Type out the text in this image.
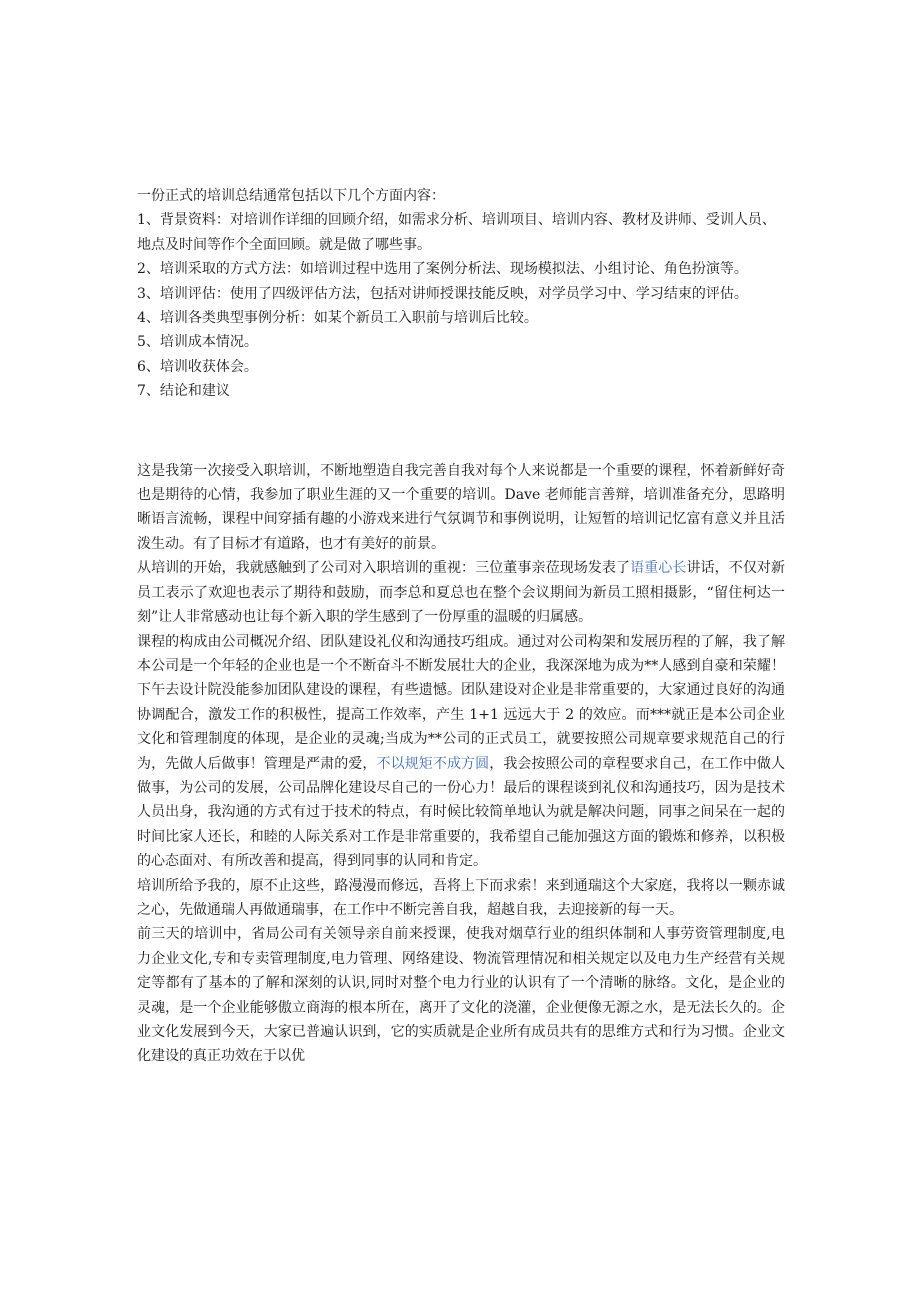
一份正式的培训总结通常包括以下几个方面内容：

1、背景资料：对培训作详细的回顾介绍，如需求分析、培训项目、培训内容、教材及讲师、受训人员、地点及时间等作个全面回顾。就是做了哪些事。

2、培训采取的方式方法：如培训过程中选用了案例分析法、现场模拟法、小组讨论、角色扮演等。

3、培训评估：使用了四级评估方法，包括对讲师授课技能反映，对学员学习中、学习结束的评估。

4、培训各类典型事例分析：如某个新员工入职前与培训后比较。

5、培训成本情况。

6、培训收获体会。

7、结论和建议

这是我第一次接受入职培训，不断地塑造自我完善自我对每个人来说都是一个重要的课程，怀着新鲜好奇也是期待的心情，我参加了职业生涯的又一个重要的培训。Dave 老师能言善辩，培训准备充分，思路明晰语言流畅，课程中间穿插有趣的小游戏来进行气氛调节和事例说明，让短暂的培训记忆富有意义并且活泼生动。有了目标才有道路，也才有美好的前景。

从培训的开始，我就感触到了公司对入职培训的重视：三位董事亲莅现场发表了语重心长讲话，不仅对新员工表示了欢迎也表示了期待和鼓励，而李总和夏总也在整个会议期间为新员工照相摄影，“留住柯达一刻”让人非常感动也让每个新入职的学生感到了一份厚重的温暖的归属感。

课程的构成由公司概况介绍、团队建设礼仪和沟通技巧组成。通过对公司构架和发展历程的了解，我了解本公司是一个年轻的企业也是一个不断奋斗不断发展壮大的企业，我深深地为成为**人感到自豪和荣耀！下午去设计院没能参加团队建设的课程，有些遗憾。团队建设对企业是非常重要的，大家通过良好的沟通协调配合，激发工作的积极性，提高工作效率，产生 1+1 远远大于 2 的效应。而***就正是本公司企业文化和管理制度的体现，是企业的灵魂;当成为**公司的正式员工，就要按照公司规章要求规范自己的行为，先做人后做事！管理是严肃的爱，不以规矩不成方圆，我会按照公司的章程要求自己，在工作中做人做事，为公司的发展，公司品牌化建设尽自己的一份心力！最后的课程谈到礼仪和沟通技巧，因为是技术人员出身，我沟通的方式有过于技术的特点，有时候比较简单地认为就是解决问题，同事之间呆在一起的时间比家人还长，和睦的人际关系对工作是非常重要的，我希望自己能加强这方面的锻炼和修养，以积极的心态面对、有所改善和提高，得到同事的认同和肯定。

培训所给予我的，原不止这些，路漫漫而修远，吾将上下而求索！来到通瑞这个大家庭，我将以一颗赤诚之心，先做通瑞人再做通瑞事，在工作中不断完善自我，超越自我，去迎接新的每一天。

前三天的培训中，省局公司有关领导亲自前来授课，使我对烟草行业的组织体制和人事劳资管理制度,电力企业文化,专和专卖管理制度,电力管理、网络建设、物流管理情况和相关规定以及电力生产经营有关规定等都有了基本的了解和深刻的认识,同时对整个电力行业的认识有了一个清晰的脉络。文化，是企业的灵魂，是一个企业能够傲立商海的根本所在，离开了文化的浇灌，企业便像无源之水，是无法长久的。企业文化发展到今天，大家已普遍认识到，它的实质就是企业所有成员共有的思维方式和行为习惯。企业文化建设的真正功效在于以优
